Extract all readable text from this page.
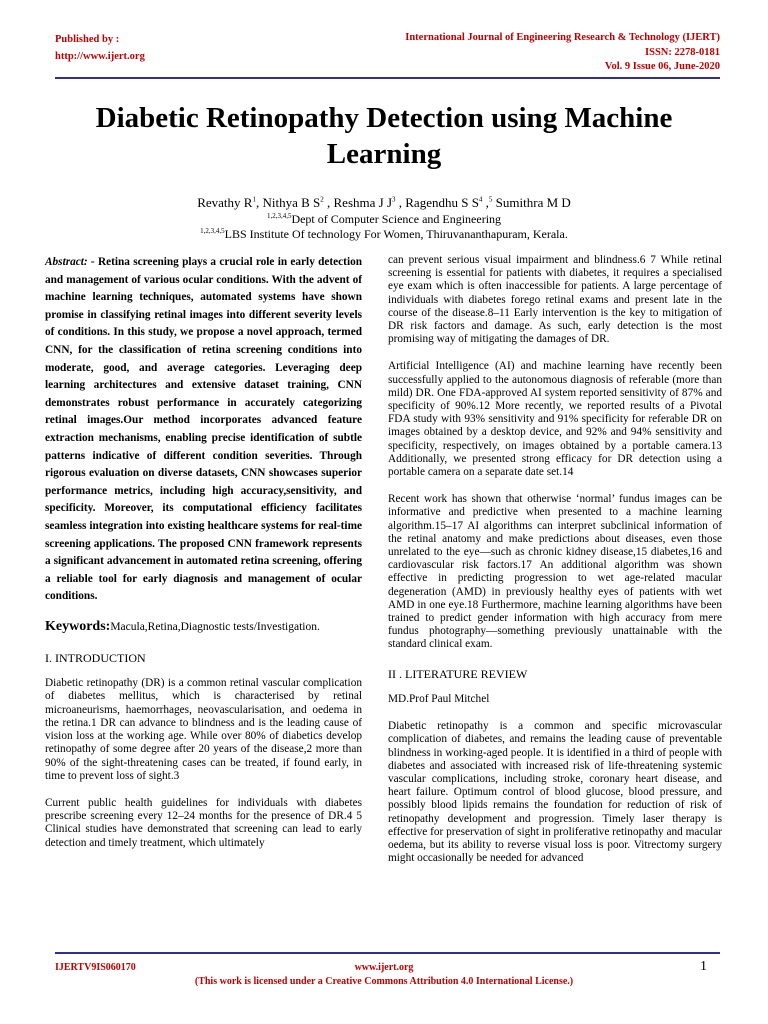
Published by :
http://www.ijert.org
International Journal of Engineering Research & Technology (IJERT)
ISSN: 2278-0181
Vol. 9 Issue 06, June-2020
Diabetic Retinopathy Detection using Machine Learning
Revathy $R^1$, Nithya B $S^2$ , Reshma J $J^3$ , Ragendhu S $S^4$ ,$^5$ Sumithra M D
$^{1,2,3,4,5}$Dept of Computer Science and Engineering
$^{1,2,3,4,5}$LBS Institute Of technology For Women, Thiruvananthapuram, Kerala.

Abstract: - Retina screening plays a crucial role in early detection and management of various ocular conditions. With the advent of machine learning techniques, automated systems have shown promise in classifying retinal images into different severity levels of conditions. In this study, we propose a novel approach, termed CNN, for the classification of retina screening conditions into moderate, good, and average categories. Leveraging deep learning architectures and extensive dataset training, CNN demonstrates robust performance in accurately categorizing retinal images.Our method incorporates advanced feature extraction mechanisms, enabling precise identification of subtle patterns indicative of different condition severities. Through rigorous evaluation on diverse datasets, CNN showcases superior performance metrics, including high accuracy,sensitivity, and specificity. Moreover, its computational efficiency facilitates seamless integration into existing healthcare systems for real-time screening applications. The proposed CNN framework represents a significant advancement in automated retina screening, offering a reliable tool for early diagnosis and management of ocular conditions.

Keywords:Macula,Retina,Diagnostic tests/Investigation.

I. INTRODUCTION

Diabetic retinopathy (DR) is a common retinal vascular complication of diabetes mellitus, which is characterised by retinal microaneurisms, haemorrhages, neovascularisation, and oedema in the retina.1 DR can advance to blindness and is the leading cause of vision loss at the working age. While over 80% of diabetics develop retinopathy of some degree after 20 years of the disease,2 more than 90% of the sight-threatening cases can be treated, if found early, in time to prevent loss of sight.3

Current public health guidelines for individuals with diabetes prescribe screening every 12–24 months for the presence of DR.4 5 Clinical studies have demonstrated that screening can lead to early detection and timely treatment, which ultimately

can prevent serious visual impairment and blindness.6 7 While retinal screening is essential for patients with diabetes, it requires a specialised eye exam which is often inaccessible for patients. A large percentage of individuals with diabetes forego retinal exams and present late in the course of the disease.8–11 Early intervention is the key to mitigation of DR risk factors and damage. As such, early detection is the most promising way of mitigating the damages of DR.

Artificial Intelligence (AI) and machine learning have recently been successfully applied to the autonomous diagnosis of referable (more than mild) DR. One FDA-approved AI system reported sensitivity of 87% and specificity of 90%.12 More recently, we reported results of a Pivotal FDA study with 93% sensitivity and 91% specificity for referable DR on images obtained by a desktop device, and 92% and 94% sensitivity and specificity, respectively, on images obtained by a portable camera.13 Additionally, we presented strong efficacy for DR detection using a portable camera on a separate date set.14

Recent work has shown that otherwise ‘normal’ fundus images can be informative and predictive when presented to a machine learning algorithm.15–17 AI algorithms can interpret subclinical information of the retinal anatomy and make predictions about diseases, even those unrelated to the eye—such as chronic kidney disease,15 diabetes,16 and cardiovascular risk factors.17 An additional algorithm was shown effective in predicting progression to wet age-related macular degeneration (AMD) in previously healthy eyes of patients with wet AMD in one eye.18 Furthermore, machine learning algorithms have been trained to predict gender information with high accuracy from mere fundus photography—something previously unattainable with the standard clinical exam.

II . LITERATURE REVIEW

MD.Prof Paul Mitchel

Diabetic retinopathy is a common and specific microvascular complication of diabetes, and remains the leading cause of preventable blindness in working-aged people. It is identified in a third of people with diabetes and associated with increased risk of life-threatening systemic vascular complications, including stroke, coronary heart disease, and heart failure. Optimum control of blood glucose, blood pressure, and possibly blood lipids remains the foundation for reduction of risk of retinopathy development and progression. Timely laser therapy is effective for preservation of sight in proliferative retinopathy and macular oedema, but its ability to reverse visual loss is poor. Vitrectomy surgery might occasionally be needed for advanced

IJERTV9IS060170	www.ijert.org	1
(This work is licensed under a Creative Commons Attribution 4.0 International License.)
